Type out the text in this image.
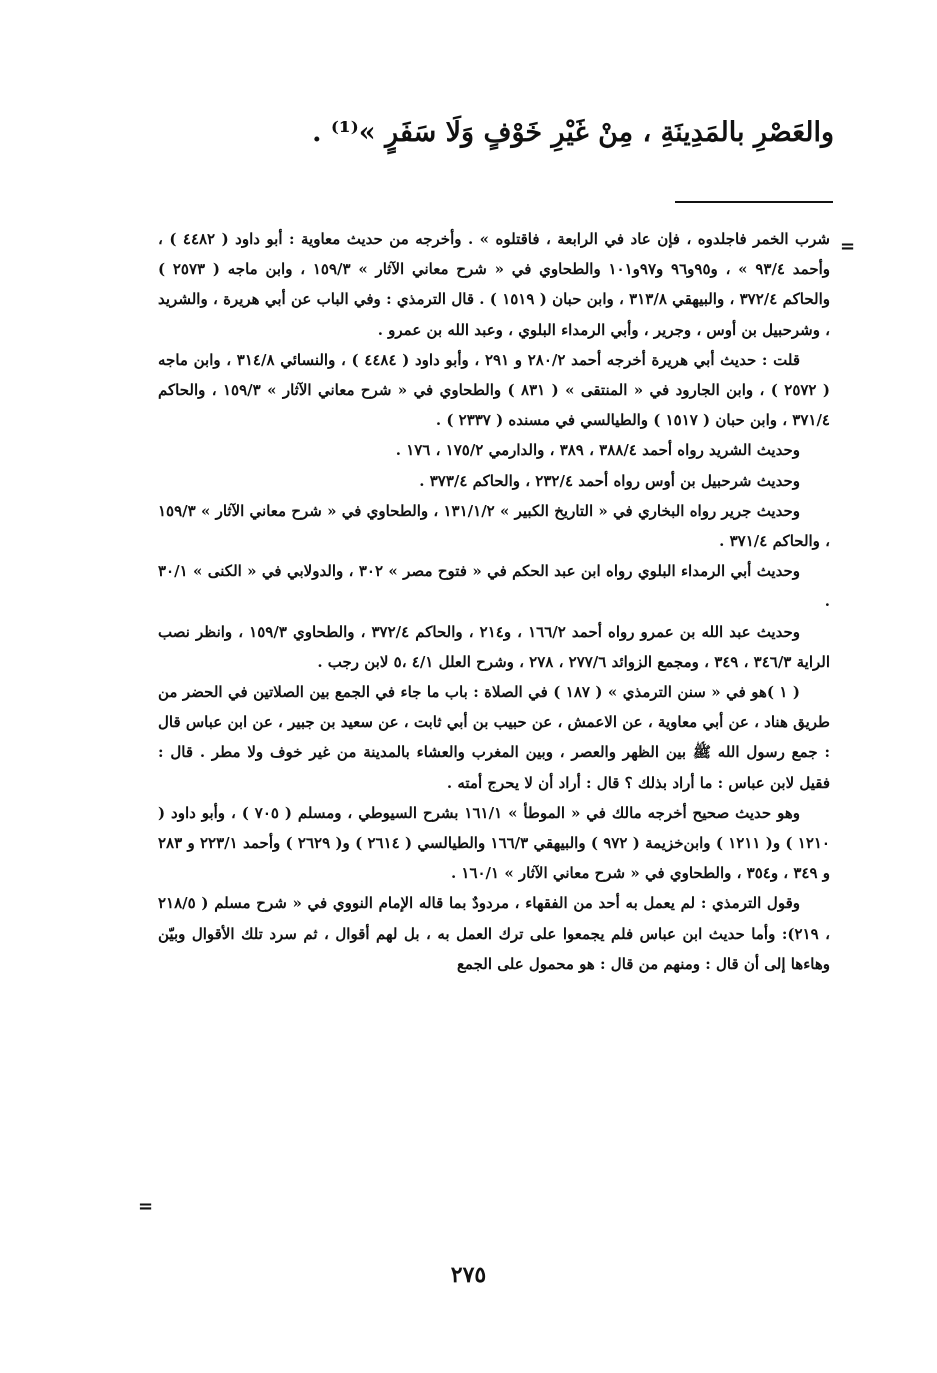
والعَصْرِ بالمَدِينَةِ ، مِنْ غَيْرِ خَوْفٍ وَلَا سَفَرٍ »⁽¹⁾ .
=

شرب الخمر فاجلدوه ، فإن عاد في الرابعة ، فاقتلوه » . وأخرجه من حديث معاوية : أبو داود ( ٤٤٨٢ ) ، وأحمد ٩٣/٤ » ، و٩٥و٩٦ و٩٧و١٠١ والطحاوي في « شرح معاني الآثار » ١٥٩/٣ ، وابن ماجه ( ٢٥٧٣ ) والحاكم ٣٧٢/٤ ، والبيهقي ٣١٣/٨ ، وابن حبان ( ١٥١٩ ) . قال الترمذي : وفي الباب عن أبي هريرة ، والشريد ، وشرحبيل بن أوس ، وجرير ، وأبي الرمداء البلوي ، وعبد الله بن عمرو .

قلت : حديث أبي هريرة أخرجه أحمد ٢٨٠/٢ و ٢٩١ ، وأبو داود ( ٤٤٨٤ ) ، والنسائي ٣١٤/٨ ، وابن ماجه ( ٢٥٧٢ ) ، وابن الجارود في « المنتقى » ( ٨٣١ ) والطحاوي في « شرح معاني الآثار » ١٥٩/٣ ، والحاكم ٣٧١/٤ ، وابن حبان ( ١٥١٧ ) والطيالسي في مسنده ( ٢٣٣٧ ) .

وحديث الشريد رواه أحمد ٣٨٨/٤ ، ٣٨٩ ، والدارمي ١٧٥/٢ ، ١٧٦ .

وحديث شرحبيل بن أوس رواه أحمد ٢٣٢/٤ ، والحاكم ٣٧٣/٤ .

وحديث جرير رواه البخاري في « التاريخ الكبير » ١٣١/١/٢ ، والطحاوي في « شرح معاني الآثار » ١٥٩/٣ ، والحاكم ٣٧١/٤ .

وحديث أبي الرمداء البلوي رواه ابن عبد الحكم في « فتوح مصر » ٣٠٢ ، والدولابي في « الكنى » ٣٠/١ .

وحديث عبد الله بن عمرو رواه أحمد ١٦٦/٢ ، و٢١٤ ، والحاكم ٣٧٢/٤ ، والطحاوي ١٥٩/٣ ، وانظر نصب الراية ٣٤٦/٣ ، ٣٤٩ ، ومجمع الزوائد ٢٧٧/٦ ، ٢٧٨ ، وشرح العلل ٤/١ ،٥ لابن رجب .

( ١ )هو في « سنن الترمذي » ( ١٨٧ ) في الصلاة : باب ما جاء في الجمع بين الصلاتين في الحضر من طريق هناد ، عن أبي معاوية ، عن الاعمش ، عن حبيب بن أبي ثابت ، عن سعيد بن جبير ، عن ابن عباس قال : جمع رسول الله ﷺ بين الظهر والعصر ، وبين المغرب والعشاء بالمدينة من غير خوف ولا مطر . قال : فقيل لابن عباس : ما أراد بذلك ؟ قال : أراد أن لا يحرج أمته .

وهو حديث صحيح أخرجه مالك في « الموطأ » ١٦١/١ بشرح السيوطي ، ومسلم ( ٧٠٥ ) ، وأبو داود ( ١٢١٠ ) و( ١٢١١ ) وابن‌خزيمة ( ٩٧٢ ) والبيهقي ١٦٦/٣ والطيالسي ( ٢٦١٤ ) و( ٢٦٢٩ ) وأحمد ٢٢٣/١ و ٢٨٣ و ٣٤٩ ، و٣٥٤ ، والطحاوي في « شرح معاني الآثار » ١٦٠/١ .

وقول الترمذي : لم يعمل به أحد من الفقهاء ، مردودٌ بما قاله الإمام النووي في « شرح مسلم ( ٢١٨/٥ ، ٢١٩): وأما حديث ابن عباس فلم يجمعوا على ترك العمل به ، بل لهم أقوال ، ثم سرد تلك الأقوال وبيّن وهاءها إلى أن قال : ومنهم من قال : هو محمول على الجمع

=
٢٧٥
